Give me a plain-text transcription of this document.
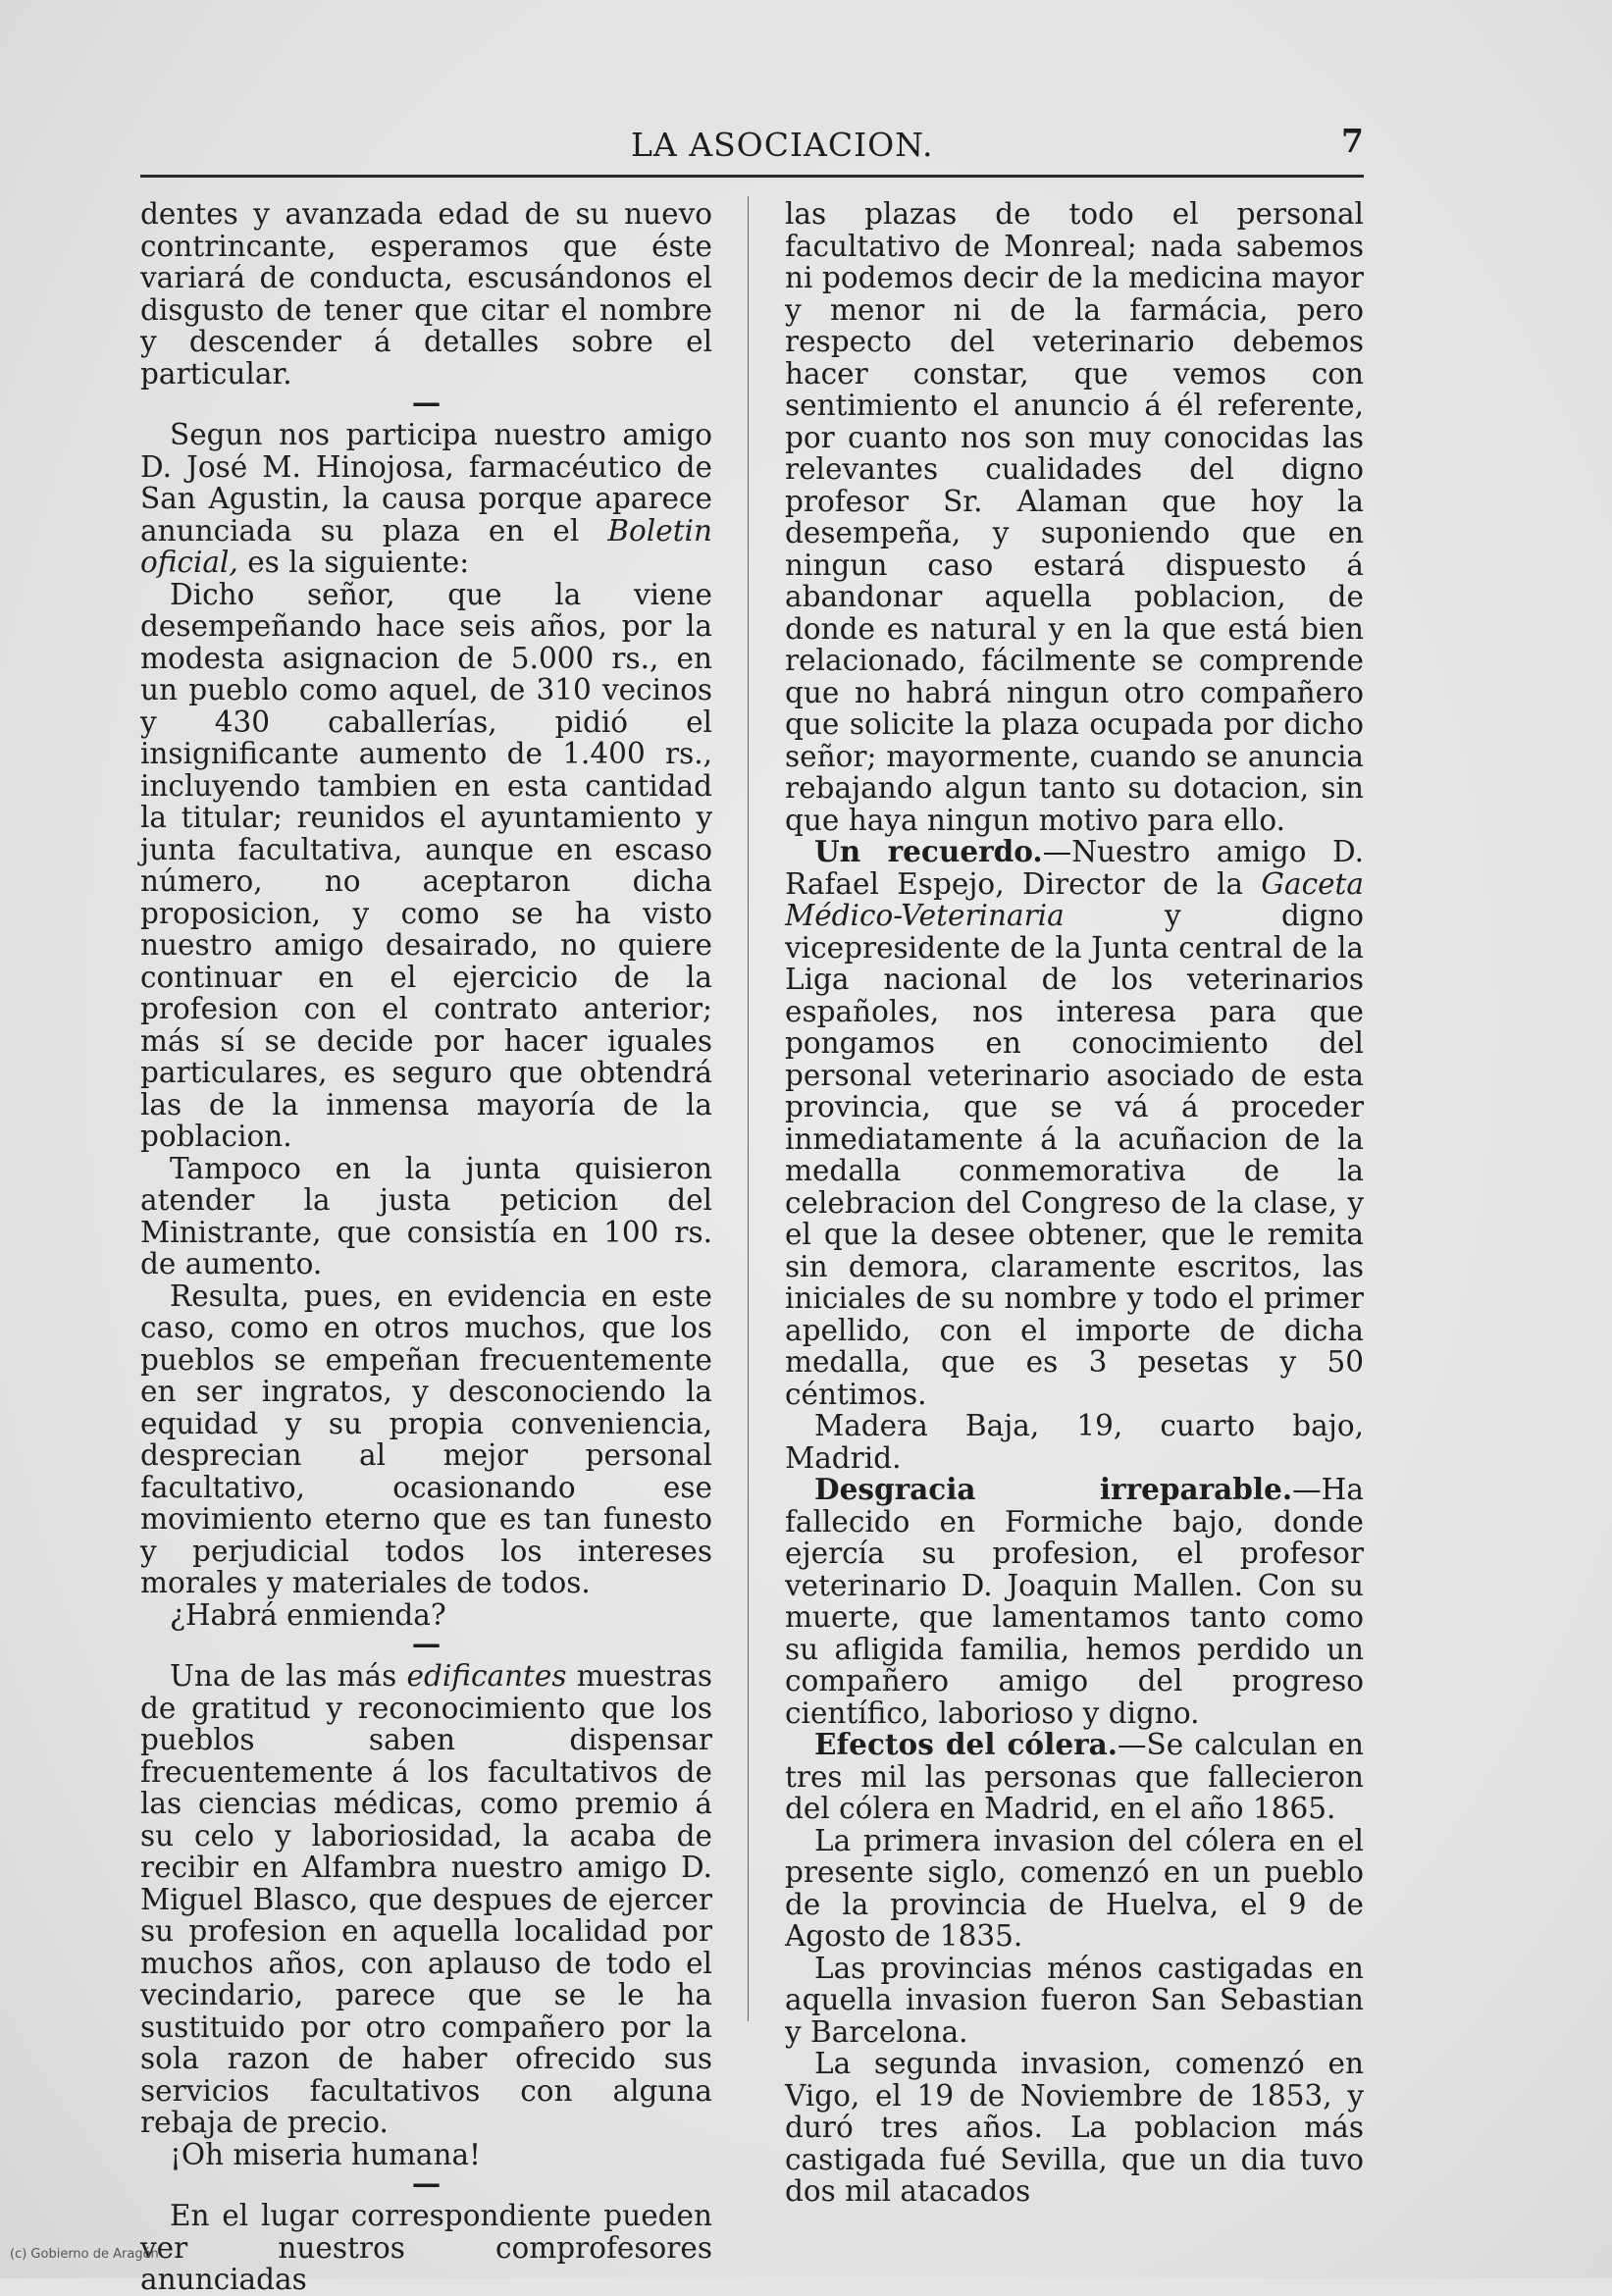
LA ASOCIACION.	7

dentes y avanzada edad de su nuevo contrincante, esperamos que éste variará de conducta, escusándonos el disgusto de tener que citar el nombre y descender á detalles sobre el particular.

—

Segun nos participa nuestro amigo D. José M. Hinojosa, farmacéutico de San Agustin, la causa porque aparece anunciada su plaza en el Boletin oficial, es la siguiente:

Dicho señor, que la viene desempeñando hace seis años, por la modesta asignacion de 5.000 rs., en un pueblo como aquel, de 310 vecinos y 430 caballerías, pidió el insignificante aumento de 1.400 rs., incluyendo tambien en esta cantidad la titular; reunidos el ayuntamiento y junta facultativa, aunque en escaso número, no aceptaron dicha proposicion, y como se ha visto nuestro amigo desairado, no quiere continuar en el ejercicio de la profesion con el contrato anterior; más sí se decide por hacer iguales particulares, es seguro que obtendrá las de la inmensa mayoría de la poblacion.

Tampoco en la junta quisieron atender la justa peticion del Ministrante, que consistía en 100 rs. de aumento.

Resulta, pues, en evidencia en este caso, como en otros muchos, que los pueblos se empeñan frecuentemente en ser ingratos, y desconociendo la equidad y su propia conveniencia, desprecian al mejor personal facultativo, ocasionando ese movimiento eterno que es tan funesto y perjudicial todos los intereses morales y materiales de todos.

¿Habrá enmienda?

—

Una de las más edificantes muestras de gratitud y reconocimiento que los pueblos saben dispensar frecuentemente á los facultativos de las ciencias médicas, como premio á su celo y laboriosidad, la acaba de recibir en Alfambra nuestro amigo D. Miguel Blasco, que despues de ejercer su profesion en aquella localidad por muchos años, con aplauso de todo el vecindario, parece que se le ha sustituido por otro compañero por la sola razon de haber ofrecido sus servicios facultativos con alguna rebaja de precio.

¡Oh miseria humana!

—

En el lugar correspondiente pueden ver nuestros comprofesores anunciadas

las plazas de todo el personal facultativo de Monreal; nada sabemos ni podemos decir de la medicina mayor y menor ni de la farmácia, pero respecto del veterinario debemos hacer constar, que vemos con sentimiento el anuncio á él referente, por cuanto nos son muy conocidas las relevantes cualidades del digno profesor Sr. Alaman que hoy la desempeña, y suponiendo que en ningun caso estará dispuesto á abandonar aquella poblacion, de donde es natural y en la que está bien relacionado, fácilmente se comprende que no habrá ningun otro compañero que solicite la plaza ocupada por dicho señor; mayormente, cuando se anuncia rebajando algun tanto su dotacion, sin que haya ningun motivo para ello.

Un recuerdo.—Nuestro amigo D. Rafael Espejo, Director de la Gaceta Médico-Veterinaria	y digno vicepresidente de la Junta central de la Liga nacional de los veterinarios españoles, nos interesa para que pongamos en conocimiento del personal veterinario asociado de esta provincia, que se vá á proceder inmediatamente á la acuñacion de la medalla conmemorativa de la celebracion del Congreso de la clase, y el que la desee obtener, que le remita sin demora, claramente escritos, las iniciales de su nombre y todo el primer apellido, con el importe de dicha medalla, que es 3 pesetas y 50 céntimos.

Madera Baja, 19, cuarto bajo, Madrid.

Desgracia irreparable.—Ha fallecido en Formiche bajo, donde ejercía su profesion, el profesor veterinario D. Joaquin Mallen. Con su muerte, que lamentamos tanto como su afligida familia, hemos perdido un compañero amigo del progreso científico, laborioso y digno.

Efectos del cólera.—Se calculan en tres mil las personas que fallecieron del cólera en Madrid, en el año 1865.

La primera invasion del cólera en el presente siglo, comenzó en un pueblo de la provincia de Huelva, el 9 de Agosto de 1835.

Las provincias ménos castigadas en aquella invasion fueron San Sebastian y Barcelona.

La segunda invasion, comenzó en Vigo, el 19 de Noviembre de 1853, y duró tres años. La poblacion más castigada fué Sevilla, que un dia tuvo dos mil atacados

(c) Gobierno de Aragón
